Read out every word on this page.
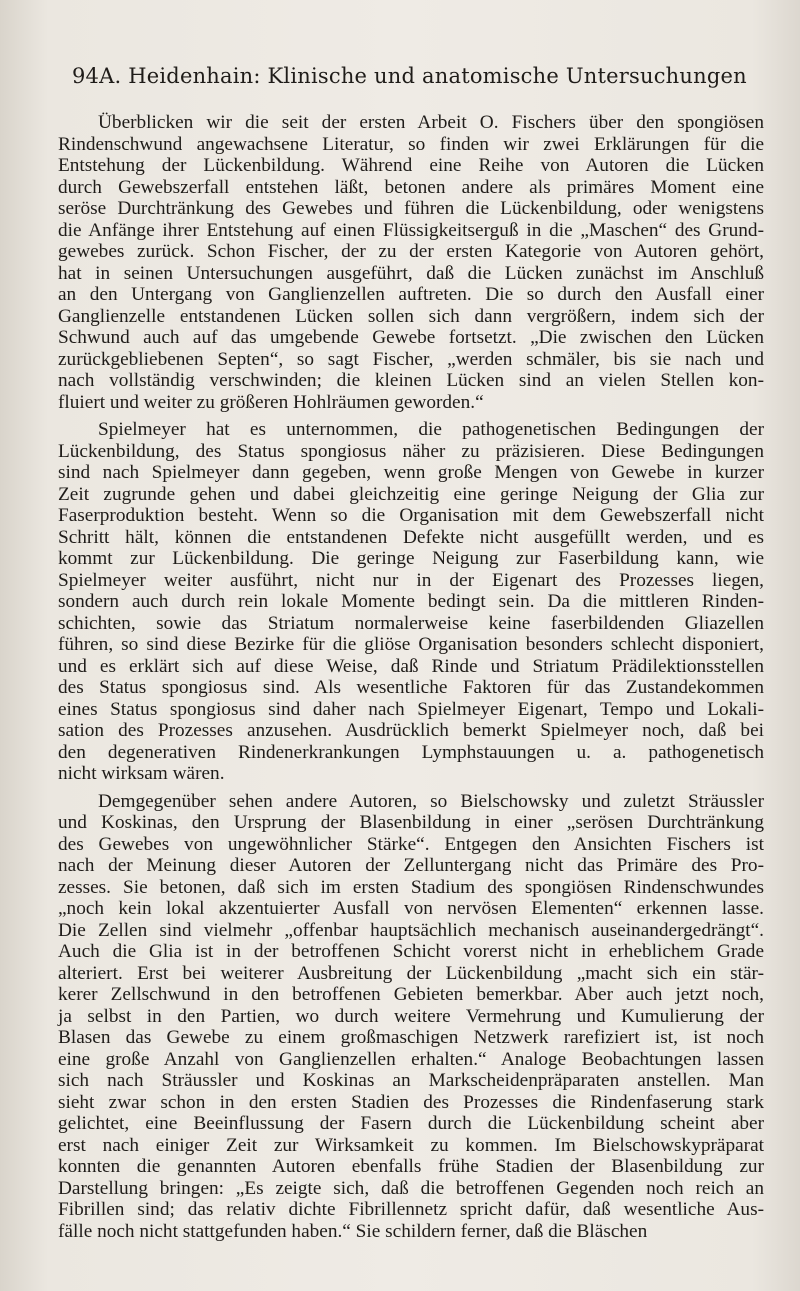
94 A. Heidenhain: Klinische und anatomische Untersuchungen
Überblicken wir die seit der ersten Arbeit O. Fischers über den spongiösen
Rindenschwund angewachsene Literatur, so finden wir zwei Erklärungen für die
Entstehung der Lückenbildung. Während eine Reihe von Autoren die Lücken
durch Gewebszerfall entstehen läßt, betonen andere als primäres Moment eine
seröse Durchtränkung des Gewebes und führen die Lückenbildung, oder wenigstens
die Anfänge ihrer Entstehung auf einen Flüssigkeitserguß in die „Maschen“ des Grund-
gewebes zurück. Schon Fischer, der zu der ersten Kategorie von Autoren gehört,
hat in seinen Untersuchungen ausgeführt, daß die Lücken zunächst im Anschluß
an den Untergang von Ganglienzellen auftreten. Die so durch den Ausfall einer
Ganglienzelle entstandenen Lücken sollen sich dann vergrößern, indem sich der
Schwund auch auf das umgebende Gewebe fortsetzt. „Die zwischen den Lücken
zurückgebliebenen Septen“, so sagt Fischer, „werden schmäler, bis sie nach und
nach vollständig verschwinden; die kleinen Lücken sind an vielen Stellen kon-
fluiert und weiter zu größeren Hohlräumen geworden.“
Spielmeyer hat es unternommen, die pathogenetischen Bedingungen der
Lückenbildung, des Status spongiosus näher zu präzisieren. Diese Bedingungen
sind nach Spielmeyer dann gegeben, wenn große Mengen von Gewebe in kurzer
Zeit zugrunde gehen und dabei gleichzeitig eine geringe Neigung der Glia zur
Faserproduktion besteht. Wenn so die Organisation mit dem Gewebszerfall nicht
Schritt hält, können die entstandenen Defekte nicht ausgefüllt werden, und es
kommt zur Lückenbildung. Die geringe Neigung zur Faserbildung kann, wie
Spielmeyer weiter ausführt, nicht nur in der Eigenart des Prozesses liegen,
sondern auch durch rein lokale Momente bedingt sein. Da die mittleren Rinden-
schichten, sowie das Striatum normalerweise keine faserbildenden Gliazellen
führen, so sind diese Bezirke für die gliöse Organisation besonders schlecht disponiert,
und es erklärt sich auf diese Weise, daß Rinde und Striatum Prädilektionsstellen
des Status spongiosus sind. Als wesentliche Faktoren für das Zustandekommen
eines Status spongiosus sind daher nach Spielmeyer Eigenart, Tempo und Lokali-
sation des Prozesses anzusehen. Ausdrücklich bemerkt Spielmeyer noch, daß bei
den degenerativen Rindenerkrankungen Lymphstauungen u. a. pathogenetisch
nicht wirksam wären.
Demgegenüber sehen andere Autoren, so Bielschowsky und zuletzt Sträussler
und Koskinas, den Ursprung der Blasenbildung in einer „serösen Durchtränkung
des Gewebes von ungewöhnlicher Stärke“. Entgegen den Ansichten Fischers ist
nach der Meinung dieser Autoren der Zelluntergang nicht das Primäre des Pro-
zesses. Sie betonen, daß sich im ersten Stadium des spongiösen Rindenschwundes
„noch kein lokal akzentuierter Ausfall von nervösen Elementen“ erkennen lasse.
Die Zellen sind vielmehr „offenbar hauptsächlich mechanisch auseinandergedrängt“.
Auch die Glia ist in der betroffenen Schicht vorerst nicht in erheblichem Grade
alteriert. Erst bei weiterer Ausbreitung der Lückenbildung „macht sich ein stär-
kerer Zellschwund in den betroffenen Gebieten bemerkbar. Aber auch jetzt noch,
ja selbst in den Partien, wo durch weitere Vermehrung und Kumulierung der
Blasen das Gewebe zu einem großmaschigen Netzwerk rarefiziert ist, ist noch
eine große Anzahl von Ganglienzellen erhalten.“ Analoge Beobachtungen lassen
sich nach Sträussler und Koskinas an Markscheidenpräparaten anstellen. Man
sieht zwar schon in den ersten Stadien des Prozesses die Rindenfaserung stark
gelichtet, eine Beeinflussung der Fasern durch die Lückenbildung scheint aber
erst nach einiger Zeit zur Wirksamkeit zu kommen. Im Bielschowskypräparat
konnten die genannten Autoren ebenfalls frühe Stadien der Blasenbildung zur
Darstellung bringen: „Es zeigte sich, daß die betroffenen Gegenden noch reich an
Fibrillen sind; das relativ dichte Fibrillennetz spricht dafür, daß wesentliche Aus-
fälle noch nicht stattgefunden haben.“ Sie schildern ferner, daß die Bläschen
